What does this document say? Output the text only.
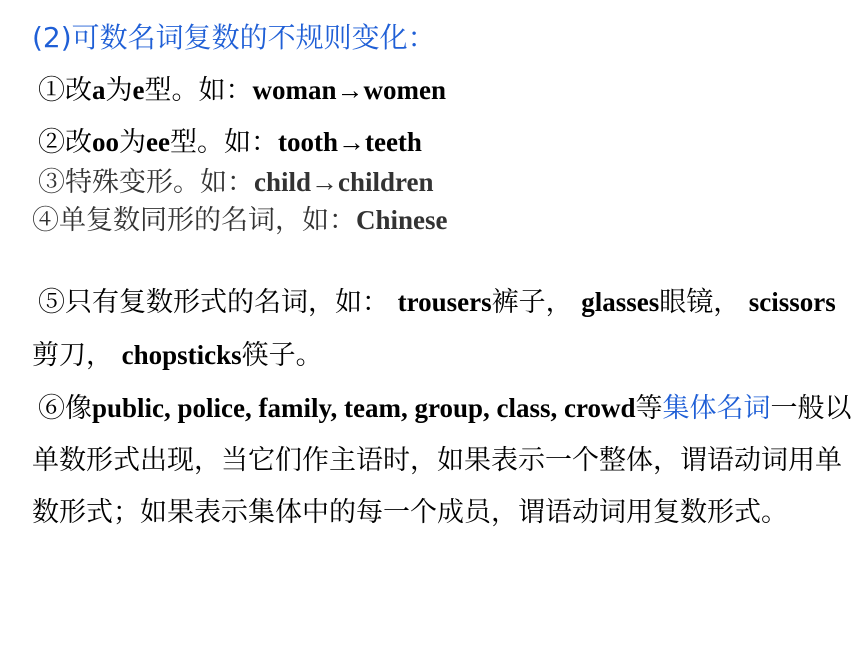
(2)可数名词复数的不规则变化：
①改a为e型。如：woman→women
②改oo为ee型。如：tooth→teeth
③特殊变形。如：child→children
④单复数同形的名词，如：Chinese
⑤只有复数形式的名词，如： trousers裤子， glasses眼镜， scissors剪刀， chopsticks筷子。
⑥像public, police, family, team, group, class, crowd等集体名词一般以单数形式出现，当它们作主语时，如果表示一个整体，谓语动词用单数形式；如果表示集体中的每一个成员，谓语动词用复数形式。
